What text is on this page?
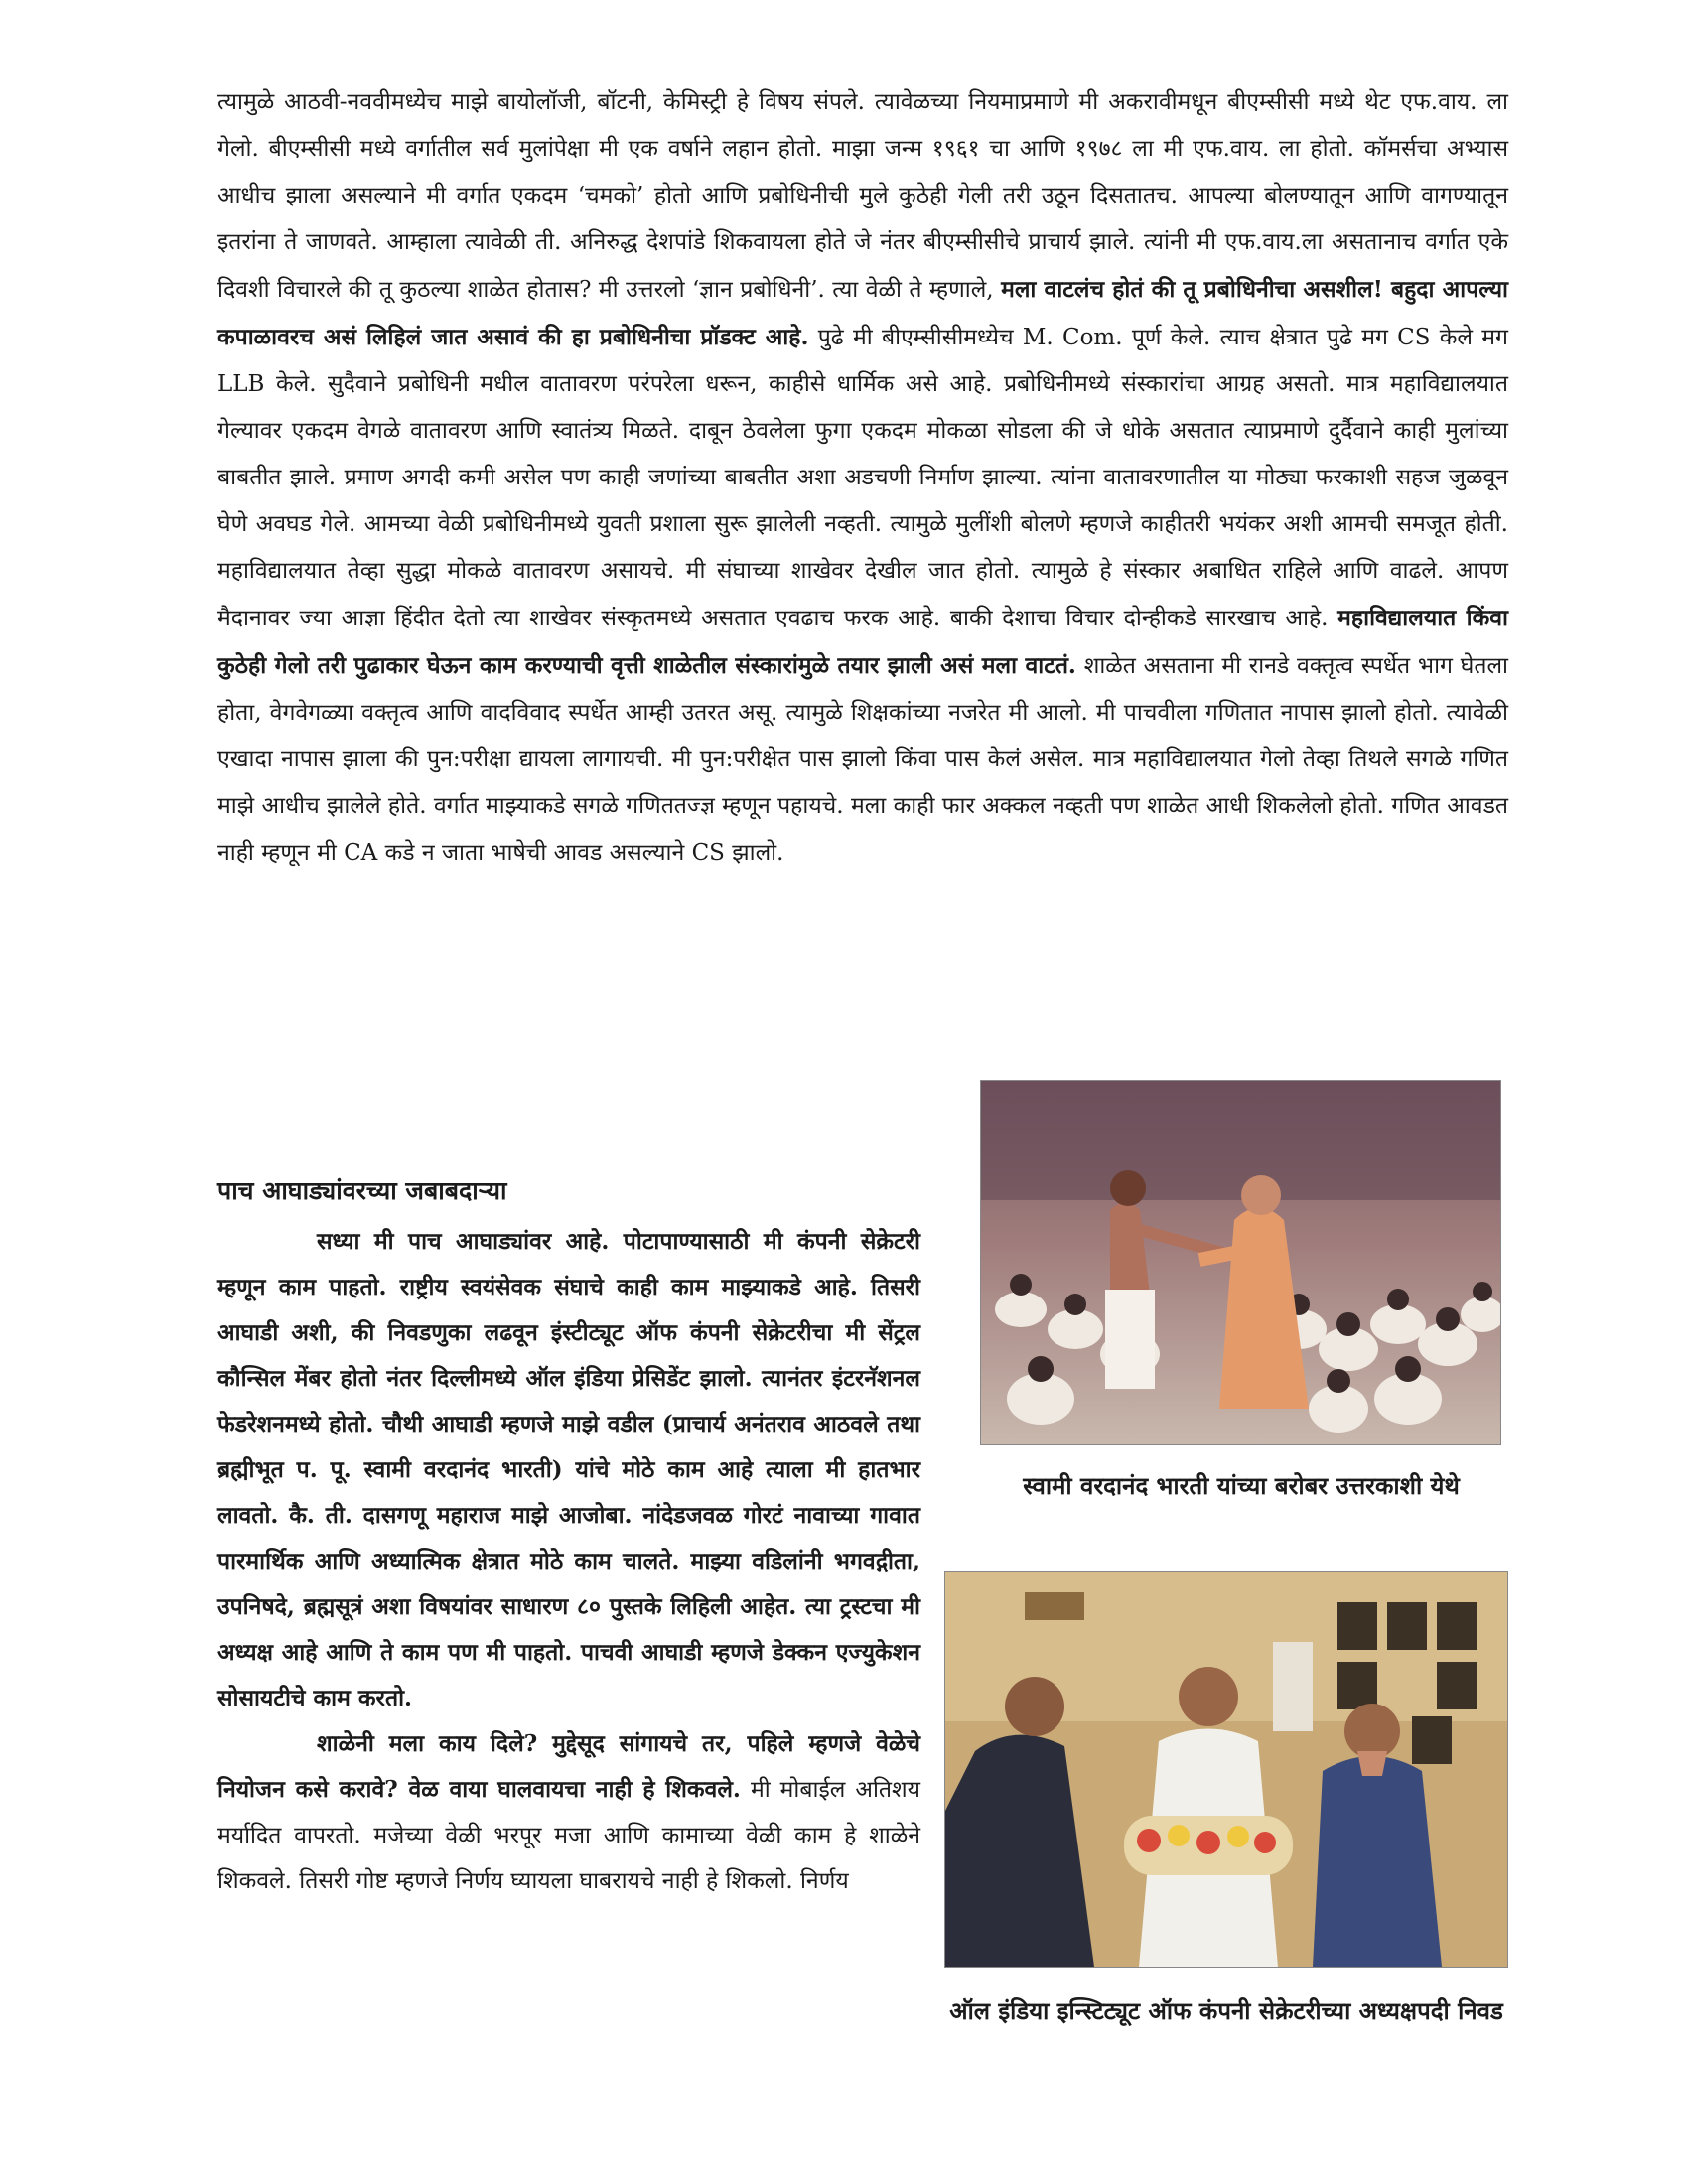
त्यामुळे आठवी-नववीमध्येच माझे बायोलॉजी, बॉटनी, केमिस्ट्री हे विषय संपले. त्यावेळच्या नियमाप्रमाणे मी अकरावीमधून बीएम्सीसी मध्ये थेट एफ.वाय. ला गेलो. बीएम्सीसी मध्ये वर्गातील सर्व मुलांपेक्षा मी एक वर्षाने लहान होतो. माझा जन्म १९६१ चा आणि १९७८ ला मी एफ.वाय. ला होतो. कॉमर्सचा अभ्यास आधीच झाला असल्याने मी वर्गात एकदम ‘चमको’ होतो आणि प्रबोधिनीची मुले कुठेही गेली तरी उठून दिसतातच. आपल्या बोलण्यातून आणि वागण्यातून इतरांना ते जाणवते. आम्हाला त्यावेळी ती. अनिरुद्ध देशपांडे शिकवायला होते जे नंतर बीएम्सीसीचे प्राचार्य झाले. त्यांनी मी एफ.वाय.ला असतानाच वर्गात एके दिवशी विचारले की तू कुठल्या शाळेत होतास? मी उत्तरलो ‘ज्ञान प्रबोधिनी’. त्या वेळी ते म्हणाले, मला वाटलंच होतं की तू प्रबोधिनीचा असशील! बहुदा आपल्या कपाळावरच असं लिहिलं जात असावं की हा प्रबोधिनीचा प्रॉडक्ट आहे. पुढे मी बीएम्सीसीमध्येच M. Com. पूर्ण केले. त्याच क्षेत्रात पुढे मग CS केले मग LLB केले. सुदैवाने प्रबोधिनी मधील वातावरण परंपरेला धरून, काहीसे धार्मिक असे आहे. प्रबोधिनीमध्ये संस्कारांचा आग्रह असतो. मात्र महाविद्यालयात गेल्यावर एकदम वेगळे वातावरण आणि स्वातंत्र्य मिळते. दाबून ठेवलेला फुगा एकदम मोकळा सोडला की जे धोके असतात त्याप्रमाणे दुर्दैवाने काही मुलांच्या बाबतीत झाले. प्रमाण अगदी कमी असेल पण काही जणांच्या बाबतीत अशा अडचणी निर्माण झाल्या. त्यांना वातावरणातील या मोठ्या फरकाशी सहज जुळवून घेणे अवघड गेले. आमच्या वेळी प्रबोधिनीमध्ये युवती प्रशाला सुरू झालेली नव्हती. त्यामुळे मुलींशी बोलणे म्हणजे काहीतरी भयंकर अशी आमची समजूत होती. महाविद्यालयात तेव्हा सुद्धा मोकळे वातावरण असायचे. मी संघाच्या शाखेवर देखील जात होतो. त्यामुळे हे संस्कार अबाधित राहिले आणि वाढले. आपण मैदानावर ज्या आज्ञा हिंदीत देतो त्या शाखेवर संस्कृतमध्ये असतात एवढाच फरक आहे. बाकी देशाचा विचार दोन्हीकडे सारखाच आहे. महाविद्यालयात किंवा कुठेही गेलो तरी पुढाकार घेऊन काम करण्याची वृत्ती शाळेतील संस्कारांमुळे तयार झाली असं मला वाटतं. शाळेत असताना मी रानडे वक्तृत्व स्पर्धेत भाग घेतला होता, वेगवेगळ्या वक्तृत्व आणि वादविवाद स्पर्धेत आम्ही उतरत असू. त्यामुळे शिक्षकांच्या नजरेत मी आलो. मी पाचवीला गणितात नापास झालो होतो. त्यावेळी एखादा नापास झाला की पुन:परीक्षा द्यायला लागायची. मी पुन:परीक्षेत पास झालो किंवा पास केलं असेल. मात्र महाविद्यालयात गेलो तेव्हा तिथले सगळे गणित माझे आधीच झालेले होते. वर्गात माझ्याकडे सगळे गणिततज्ज्ञ म्हणून पहायचे. मला काही फार अक्कल नव्हती पण शाळेत आधी शिकलेलो होतो. गणित आवडत नाही म्हणून मी CA कडे न जाता भाषेची आवड असल्याने CS झालो.

पाच आघाड्यांवरच्या जबाबदाऱ्या

सध्या मी पाच आघाड्यांवर आहे. पोटापाण्यासाठी मी कंपनी सेक्रेटरी म्हणून काम पाहतो. राष्ट्रीय स्वयंसेवक संघाचे काही काम माझ्याकडे आहे. तिसरी आघाडी अशी, की निवडणुका लढवून इंस्टीट्यूट ऑफ कंपनी सेक्रेटरीचा मी सेंट्रल कौन्सिल मेंबर होतो नंतर दिल्लीमध्ये ऑल इंडिया प्रेसिडेंट झालो. त्यानंतर इंटरनॅशनल फेडरेशनमध्ये होतो. चौथी आघाडी म्हणजे माझे वडील (प्राचार्य अनंतराव आठवले तथा ब्रह्मीभूत प. पू. स्वामी वरदानंद भारती) यांचे मोठे काम आहे त्याला मी हातभार लावतो. कै. ती. दासगणू महाराज माझे आजोबा. नांदेडजवळ गोरटं नावाच्या गावात पारमार्थिक आणि अध्यात्मिक क्षेत्रात मोठे काम चालते. माझ्या वडिलांनी भगवद्गीता, उपनिषदे, ब्रह्मसूत्रं अशा विषयांवर साधारण ८० पुस्तके लिहिली आहेत. त्या ट्रस्टचा मी अध्यक्ष आहे आणि ते काम पण मी पाहतो. पाचवी आघाडी म्हणजे डेक्कन एज्युकेशन सोसायटीचे काम करतो.

शाळेनी मला काय दिले? मुद्देसूद सांगायचे तर, पहिले म्हणजे वेळेचे नियोजन कसे करावे? वेळ वाया घालवायचा नाही हे शिकवले. मी मोबाईल अतिशय मर्यादित वापरतो. मजेच्या वेळी भरपूर मजा आणि कामाच्या वेळी काम हे शाळेने शिकवले. तिसरी गोष्ट म्हणजे निर्णय घ्यायला घाबरायचे नाही हे शिकलो. निर्णय

स्वामी वरदानंद भारती यांच्या बरोबर उत्तरकाशी येथे

ऑल इंडिया इन्स्टिट्यूट ऑफ कंपनी सेक्रेटरीच्या अध्यक्षपदी निवड
